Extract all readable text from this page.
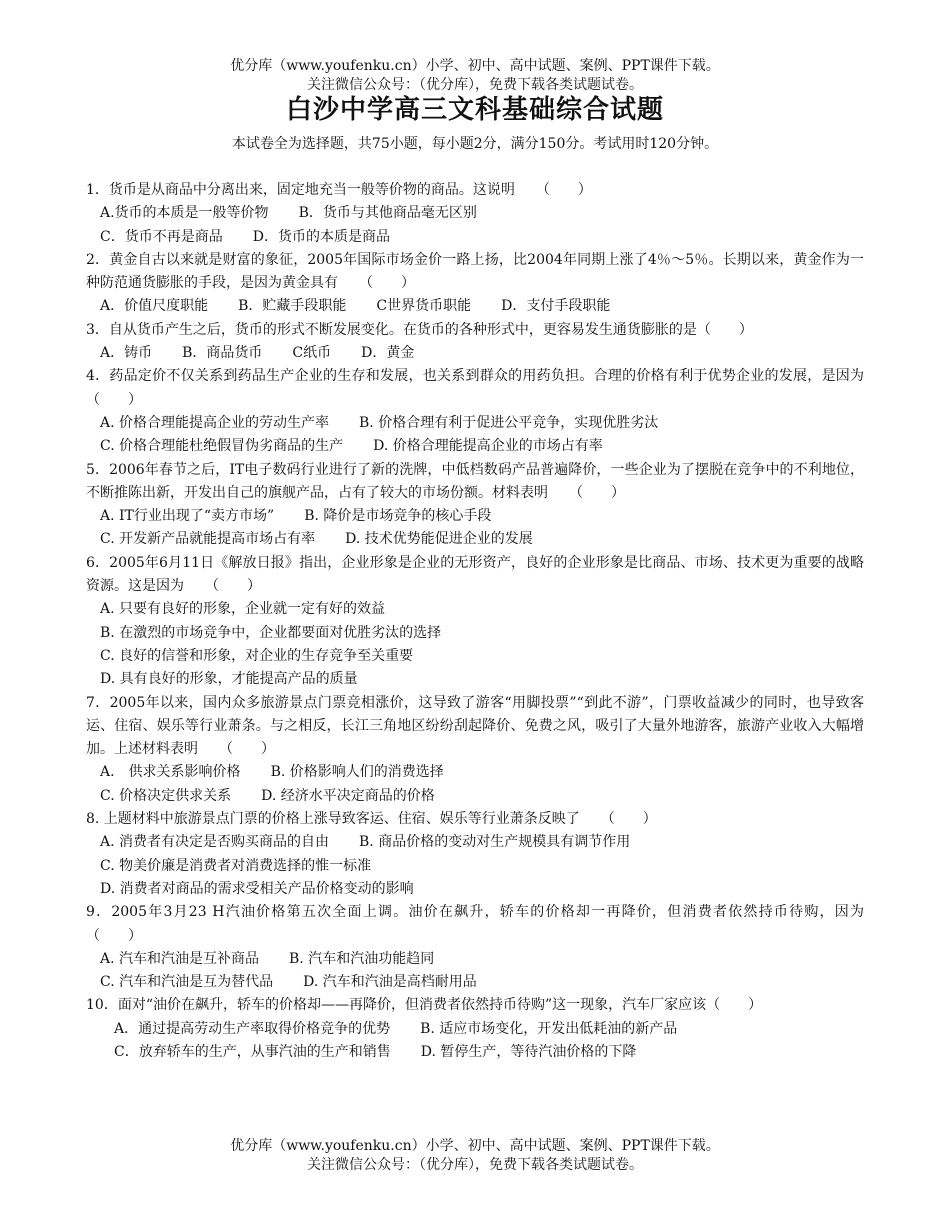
优分库（www.youfenku.cn）小学、初中、高中试题、案例、PPT课件下载。
关注微信公众号：（优分库），免费下载各类试题试卷。
白沙中学高三文科基础综合试题
本试卷全为选择题，共75小题，每小题2分，满分150分。考试用时120分钟。
1．货币是从商品中分离出来，固定地充当一般等价物的商品。这说明　　（　　）
A.货币的本质是一般等价物 B．货币与其他商品毫无区别
C．货币不再是商品 D．货币的本质是商品
2．黄金自古以来就是财富的象征，2005年国际市场金价一路上扬，比2004年同期上涨了4％～5％。长期以来，黄金作为一种防范通货膨胀的手段，是因为黄金具有　　（　　）
A．价值尺度职能 B．贮藏手段职能 C世界货币职能 D．支付手段职能
3．自从货币产生之后，货币的形式不断发展变化。在货币的各种形式中，更容易发生通货膨胀的是（　　）
A．铸币 B．商品货币 C纸币 D．黄金
4．药品定价不仅关系到药品生产企业的生存和发展，也关系到群众的用药负担。合理的价格有利于优势企业的发展，是因为　　（　　）
A. 价格合理能提高企业的劳动生产率 B. 价格合理有利于促进公平竞争，实现优胜劣汰
C. 价格合理能杜绝假冒伪劣商品的生产 D. 价格合理能提高企业的市场占有率
5．2006年春节之后，IT电子数码行业进行了新的洗牌，中低档数码产品普遍降价，一些企业为了摆脱在竞争中的不利地位，不断推陈出新，开发出自己的旗舰产品，占有了较大的市场份额。材料表明　　（　　）
A. IT行业出现了“卖方市场” B. 降价是市场竞争的核心手段
C. 开发新产品就能提高市场占有率 D. 技术优势能促进企业的发展
6．2005年6月11日《解放日报》指出，企业形象是企业的无形资产，良好的企业形象是比商品、市场、技术更为重要的战略资源。这是因为　　（　　）
A. 只要有良好的形象，企业就一定有好的效益
B. 在激烈的市场竞争中，企业都要面对优胜劣汰的选择
C. 良好的信誉和形象，对企业的生存竞争至关重要
D. 具有良好的形象，才能提高产品的质量
7．2005年以来，国内众多旅游景点门票竞相涨价，这导致了游客“用脚投票”“到此不游”，门票收益减少的同时，也导致客运、住宿、娱乐等行业萧条。与之相反，长江三角地区纷纷刮起降价、免费之风，吸引了大量外地游客，旅游产业收入大幅增加。上述材料表明　　（　　）
A.　供求关系影响价格 B. 价格影响人们的消费选择
C. 价格决定供求关系 D. 经济水平决定商品的价格
8. 上题材料中旅游景点门票的价格上涨导致客运、住宿、娱乐等行业萧条反映了　　（　　）
A. 消费者有决定是否购买商品的自由 B. 商品价格的变动对生产规模具有调节作用
C. 物美价廉是消费者对消费选择的惟一标准
D. 消费者对商品的需求受相关产品价格变动的影响
9．2005年3月23 H汽油价格第五次全面上调。油价在飙升，轿车的价格却一再降价，但消费者依然持币待购，因为　　　（　　）
A. 汽车和汽油是互补商品 B. 汽车和汽油功能趋同
C. 汽车和汽油是互为替代品 D. 汽车和汽油是高档耐用品
10．面对“油价在飙升，轿车的价格却——再降价，但消费者依然持币待购”这一现象，汽车厂家应该（　　）
A．通过提高劳动生产率取得价格竞争的优势 B. 适应市场变化，开发出低耗油的新产品
C．放弃轿车的生产，从事汽油的生产和销售 D. 暂停生产，等待汽油价格的下降
优分库（www.youfenku.cn）小学、初中、高中试题、案例、PPT课件下载。
关注微信公众号：（优分库），免费下载各类试题试卷。
